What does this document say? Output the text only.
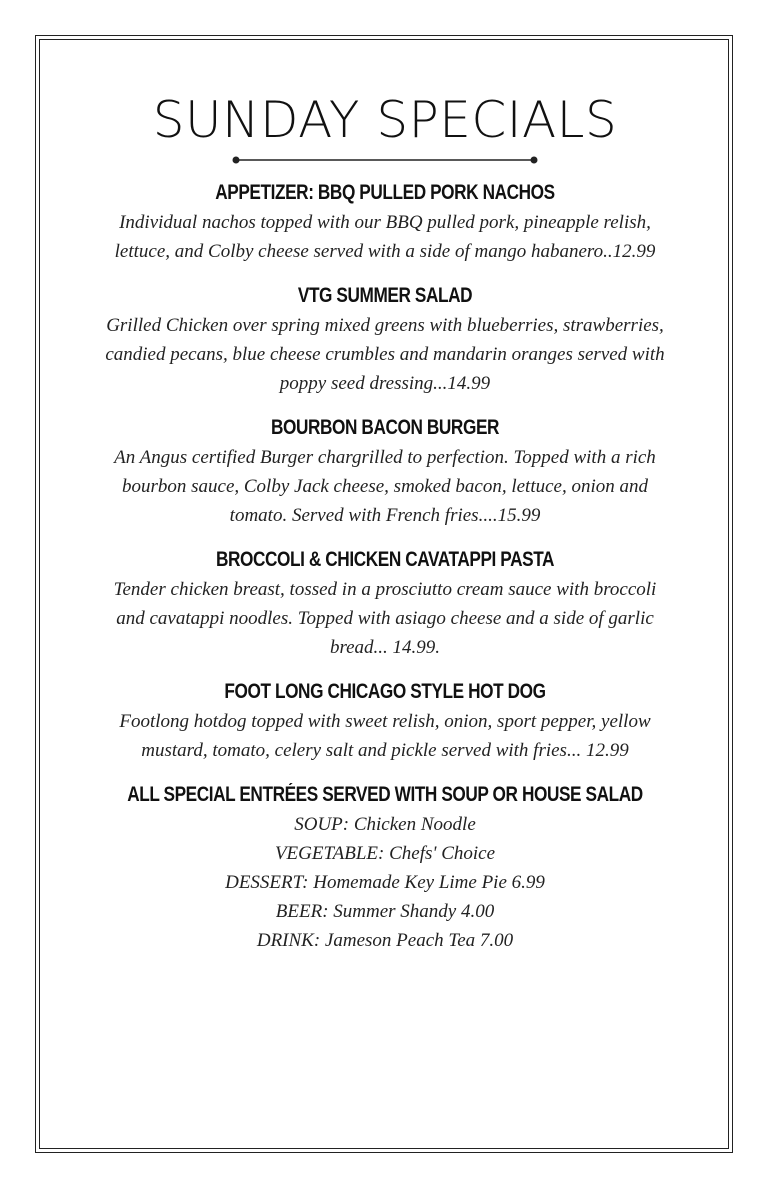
SUNDAY SPECIALS
APPETIZER: BBQ PULLED PORK NACHOS
Individual nachos topped with our BBQ pulled pork, pineapple relish, lettuce, and Colby cheese served with a side of mango habanero..12.99
VTG SUMMER SALAD
Grilled Chicken over spring mixed greens with blueberries, strawberries, candied pecans, blue cheese crumbles and mandarin oranges served with poppy seed dressing...14.99
BOURBON BACON BURGER
An Angus certified Burger chargrilled to perfection. Topped with a rich bourbon sauce, Colby Jack cheese, smoked bacon, lettuce, onion and tomato. Served with French fries....15.99
BROCCOLI & CHICKEN CAVATAPPI PASTA
Tender chicken breast, tossed in a prosciutto cream sauce with broccoli and cavatappi noodles. Topped with asiago cheese and a side of garlic bread... 14.99.
FOOT LONG CHICAGO STYLE HOT DOG
Footlong hotdog topped with sweet relish, onion, sport pepper, yellow mustard, tomato, celery salt and pickle served with fries... 12.99
ALL SPECIAL ENTRÉES SERVED WITH SOUP OR HOUSE SALAD
SOUP: Chicken Noodle
VEGETABLE: Chefs' Choice
DESSERT: Homemade Key Lime Pie 6.99
BEER: Summer Shandy 4.00
DRINK: Jameson Peach Tea 7.00
